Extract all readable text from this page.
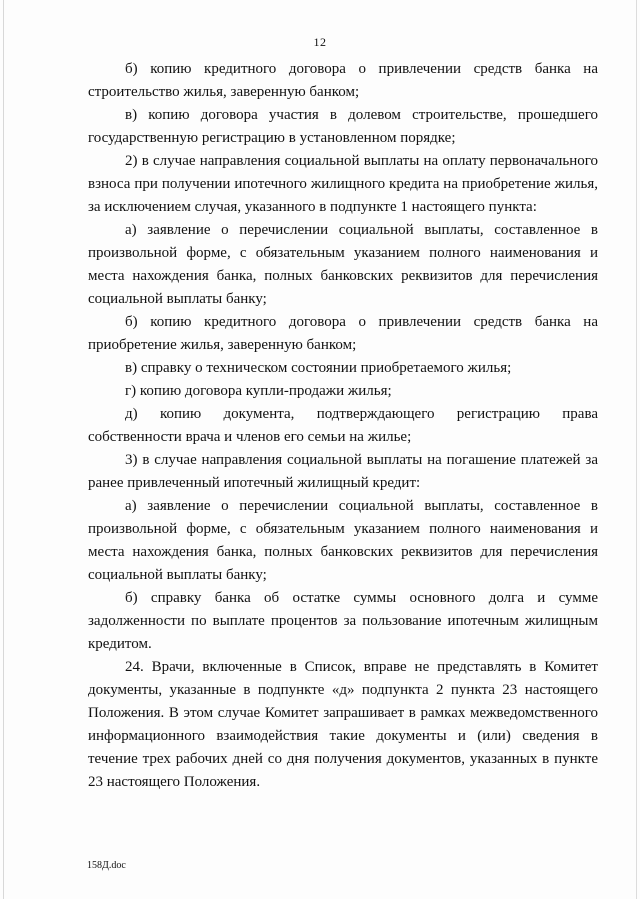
12

б) копию кредитного договора о привлечении средств банка на строительство жилья, заверенную банком;

в) копию договора участия в долевом строительстве, прошедшего государственную регистрацию в установленном порядке;

2) в случае направления социальной выплаты на оплату первоначального взноса при получении ипотечного жилищного кредита на приобретение жилья, за исключением случая, указанного в подпункте 1 настоящего пункта:

а) заявление о перечислении социальной выплаты, составленное в произвольной форме, с обязательным указанием полного наименования и места нахождения банка, полных банковских реквизитов для перечисления социальной выплаты банку;

б) копию кредитного договора о привлечении средств банка на приобретение жилья, заверенную банком;

в) справку о техническом состоянии приобретаемого жилья;

г) копию договора купли-продажи жилья;

д) копию документа, подтверждающего регистрацию права собственности врача и членов его семьи на жилье;

3) в случае направления социальной выплаты на погашение платежей за ранее привлеченный ипотечный жилищный кредит:

а) заявление о перечислении социальной выплаты, составленное в произвольной форме, с обязательным указанием полного наименования и места нахождения банка, полных банковских реквизитов для перечисления социальной выплаты банку;

б) справку банка об остатке суммы основного долга и сумме задолженности по выплате процентов за пользование ипотечным жилищным кредитом.

24. Врачи, включенные в Список, вправе не представлять в Комитет документы, указанные в подпункте «д» подпункта 2 пункта 23 настоящего Положения. В этом случае Комитет запрашивает в рамках межведомственного информационного взаимодействия такие документы и (или) сведения в течение трех рабочих дней со дня получения документов, указанных в пункте 23 настоящего Положения.

158Д.doc
